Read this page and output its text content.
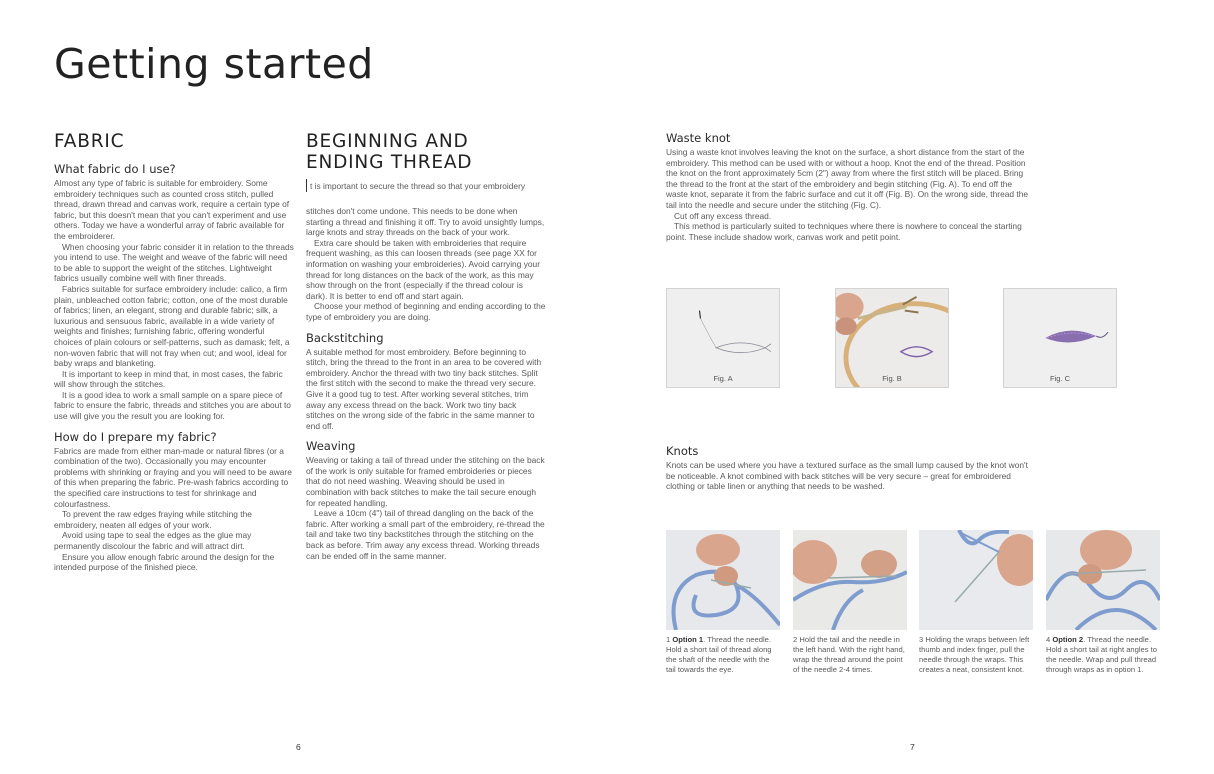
Getting started
FABRIC
What fabric do I use?

Almost any type of fabric is suitable for embroidery. Some embroidery techniques such as counted cross stitch, pulled thread, drawn thread and canvas work, require a certain type of fabric, but this doesn't mean that you can't experiment and use others. Today we have a wonderful array of fabric available for the embroiderer.

When choosing your fabric consider it in relation to the threads you intend to use. The weight and weave of the fabric will need to be able to support the weight of the stitches. Lightweight fabrics usually combine well with finer threads.

Fabrics suitable for surface embroidery include: calico, a firm plain, unbleached cotton fabric; cotton, one of the most durable of fabrics; linen, an elegant, strong and durable fabric; silk, a luxurious and sensuous fabric, available in a wide variety of weights and finishes; furnishing fabric, offering wonderful choices of plain colours or self-patterns, such as damask; felt, a non-woven fabric that will not fray when cut; and wool, ideal for baby wraps and blanketing.

It is important to keep in mind that, in most cases, the fabric will show through the stitches.

It is a good idea to work a small sample on a spare piece of fabric to ensure the fabric, threads and stitches you are about to use will give you the result you are looking for.

How do I prepare my fabric?

Fabrics are made from either man-made or natural fibres (or a combination of the two). Occasionally you may encounter problems with shrinking or fraying and you will need to be aware of this when preparing the fabric. Pre-wash fabrics according to the specified care instructions to test for shrinkage and colourfastness.

To prevent the raw edges fraying while stitching the embroidery, neaten all edges of your work.

Avoid using tape to seal the edges as the glue may permanently discolour the fabric and will attract dirt.

Ensure you allow enough fabric around the design for the intended purpose of the finished piece.

BEGINNING AND
ENDING THREAD

t is important to secure the thread so that your embroidery

stitches don't come undone. This needs to be done when starting a thread and finishing it off. Try to avoid unsightly lumps, large knots and stray threads on the back of your work.

Extra care should be taken with embroideries that require frequent washing, as this can loosen threads (see page XX for information on washing your embroideries). Avoid carrying your thread for long distances on the back of the work, as this may show through on the front (especially if the thread colour is dark). It is better to end off and start again.

Choose your method of beginning and ending according to the type of embroidery you are doing.

Backstitching

A suitable method for most embroidery. Before beginning to stitch, bring the thread to the front in an area to be covered with embroidery. Anchor the thread with two tiny back stitches. Split the first stitch with the second to make the thread very secure. Give it a good tug to test. After working several stitches, trim away any excess thread on the back. Work two tiny back stitches on the wrong side of the fabric in the same manner to end off.

Weaving

Weaving or taking a tail of thread under the stitching on the back of the work is only suitable for framed embroideries or pieces that do not need washing. Weaving should be used in combination with back stitches to make the tail secure enough for repeated handling.

Leave a 10cm (4") tail of thread dangling on the back of the fabric. After working a small part of the embroidery, re-thread the tail and take two tiny backstitches through the stitching on the back as before. Trim away any excess thread. Working threads can be ended off in the same manner.

Waste knot

Using a waste knot involves leaving the knot on the surface, a short distance from the start of the embroidery. This method can be used with or without a hoop. Knot the end of the thread. Position the knot on the front approximately 5cm (2") away from where the first stitch will be placed. Bring the thread to the front at the start of the embroidery and begin stitching (Fig. A). To end off the waste knot, separate it from the fabric surface and cut it off (Fig. B). On the wrong side, thread the tail into the needle and secure under the stitching (Fig. C).

Cut off any excess thread.

This method is particularly suited to techniques where there is nowhere to conceal the starting point. These include shadow work, canvas work and petit point.

Fig. A	Fig. B	Fig. C
Knots

Knots can be used where you have a textured surface as the small lump caused by the knot won't be noticeable. A knot combined with back stitches will be very secure – great for embroidered clothing or table linen or anything that needs to be washed.

1 Option 1. Thread the needle. Hold a short tail of thread along the shaft of the needle with the tail towards the eye.
2 Hold the tail and the needle in the left hand. With the right hand, wrap the thread around the point of the needle 2-4 times.
3 Holding the wraps between left thumb and index finger, pull the needle through the wraps. This creates a neat, consistent knot.
4 Option 2. Thread the needle. Hold a short tail at right angles to the needle. Wrap and pull thread through wraps as in option 1.
6	7
